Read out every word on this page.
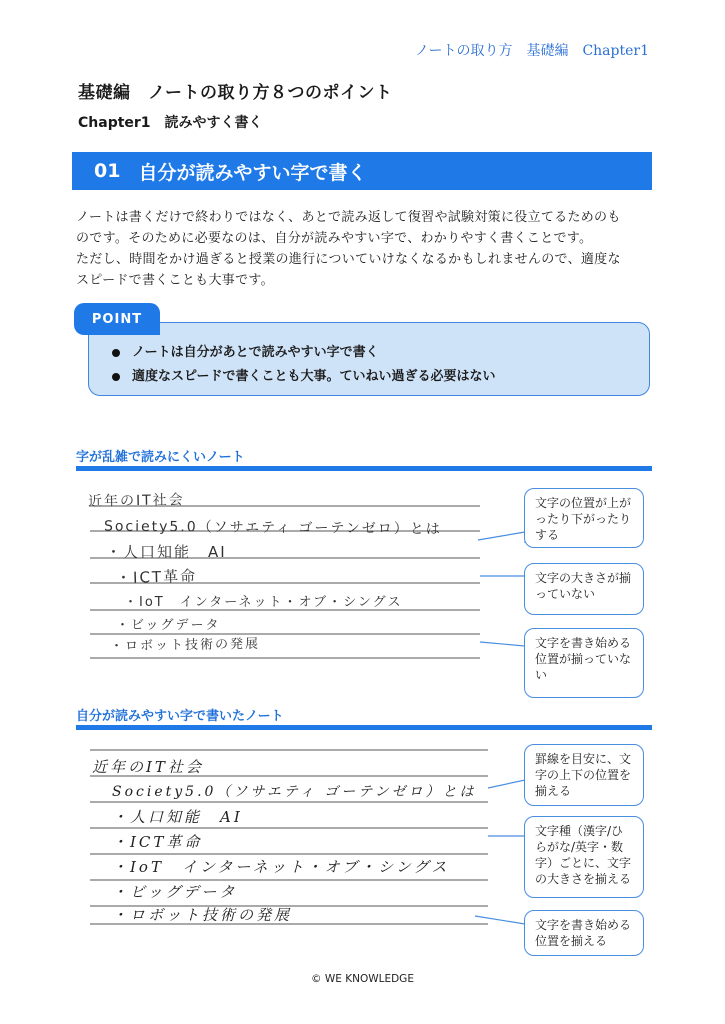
ノートの取り方　基礎編　Chapter1
基礎編　ノートの取り方８つのポイント
Chapter1　読みやすく書く
01 自分が読みやすい字で書く
ノートは書くだけで終わりではなく、あとで読み返して復習や試験対策に役立てるためのも
のです。そのために必要なのは、自分が読みやすい字で、わかりやすく書くことです。
ただし、時間をかけ過ぎると授業の進行についていけなくなるかもしれませんので、適度な
スピードで書くことも大事です。
POINT
ノートは自分があとで読みやすい字で書く
適度なスピードで書くことも大事。ていねい過ぎる必要はない
字が乱雑で読みにくいノート
近年のIT社会
Society5.0（ソサエティ ゴーテンゼロ）とは
・人口知能　AI
・ICT革命
・IoT　インターネット・オブ・シングス
・ビッグデータ
・ロボット技術の発展
文字の位置が上がったり下がったりする
文字の大きさが揃っていない
文字を書き始める位置が揃っていない
自分が読みやすい字で書いたノート
近年のIT社会
Society5.0（ソサエティ ゴーテンゼロ）とは
・人口知能　AI
・ICT革命
・IoT　インターネット・オブ・シングス
・ビッグデータ
・ロボット技術の発展
罫線を目安に、文字の上下の位置を揃える
文字種（漢字/ひらがな/英字・数字）ごとに、文字の大きさを揃える
文字を書き始める位置を揃える
© WE KNOWLEDGE
